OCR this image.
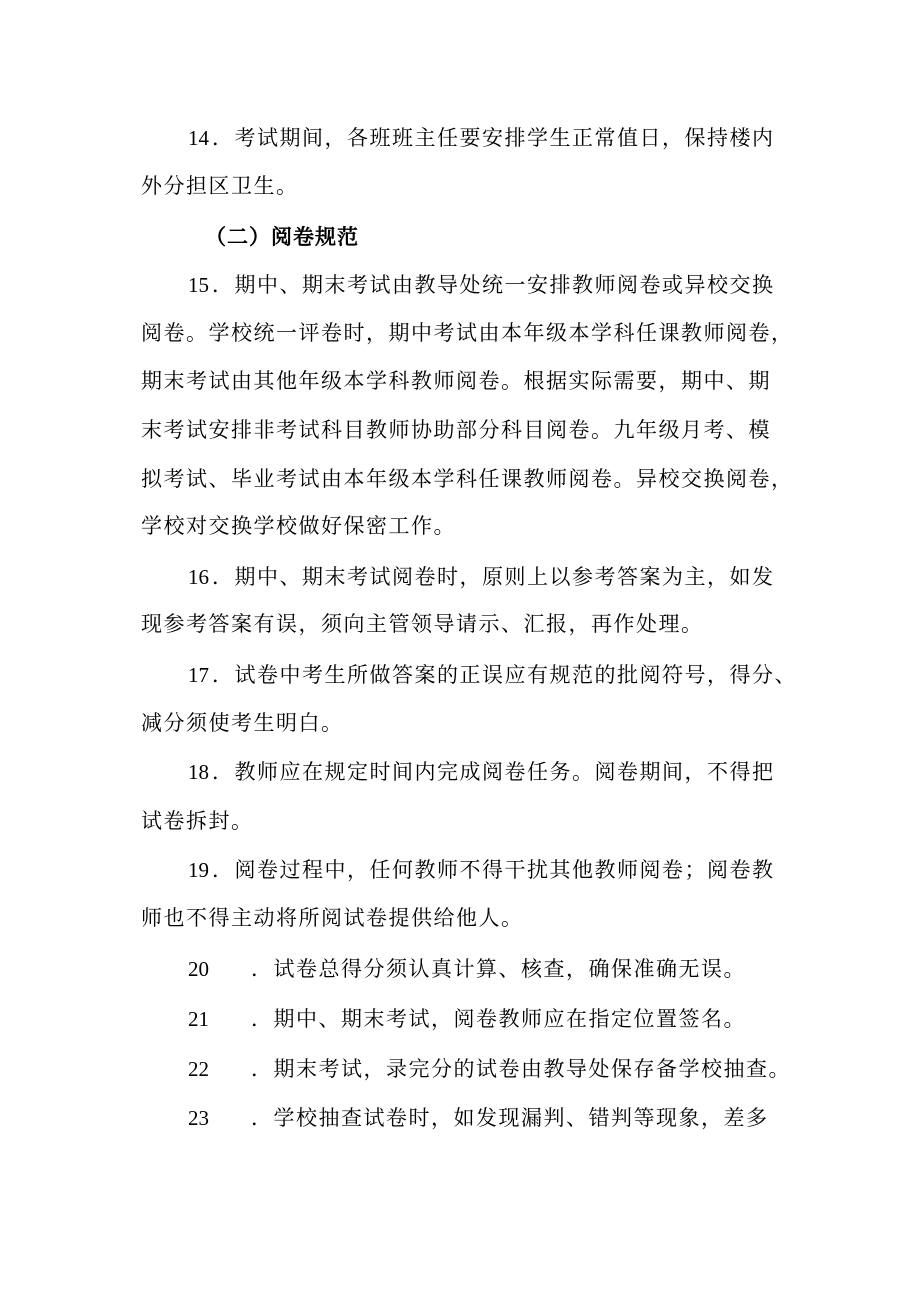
14 ．考试期间，各班班主任要安排学生正常值日，保持楼内
外分担区卫生。
（二）阅卷规范
15 ．期中、期末考试由教导处统一安排教师阅卷或异校交换
阅卷。学校统一评卷时，期中考试由本年级本学科任课教师阅卷，
期末考试由其他年级本学科教师阅卷。根据实际需要，期中、期
末考试安排非考试科目教师协助部分科目阅卷。九年级月考、模
拟考试、毕业考试由本年级本学科任课教师阅卷。异校交换阅卷，
学校对交换学校做好保密工作。
16 ．期中、期末考试阅卷时，原则上以参考答案为主，如发
现参考答案有误，须向主管领导请示、汇报，再作处理。
17 ．试卷中考生所做答案的正误应有规范的批阅符号，得分、
减分须使考生明白。
18 ．教师应在规定时间内完成阅卷任务。阅卷期间，不得把
试卷拆封。
19 ．阅卷过程中，任何教师不得干扰其他教师阅卷；阅卷教
师也不得主动将所阅试卷提供给他人。
20 ．试卷总得分须认真计算、核查，确保准确无误。
21 ．期中、期末考试，阅卷教师应在指定位置签名。
22 ．期末考试，录完分的试卷由教导处保存备学校抽查。
23 ．学校抽查试卷时，如发现漏判、错判等现象，差多
